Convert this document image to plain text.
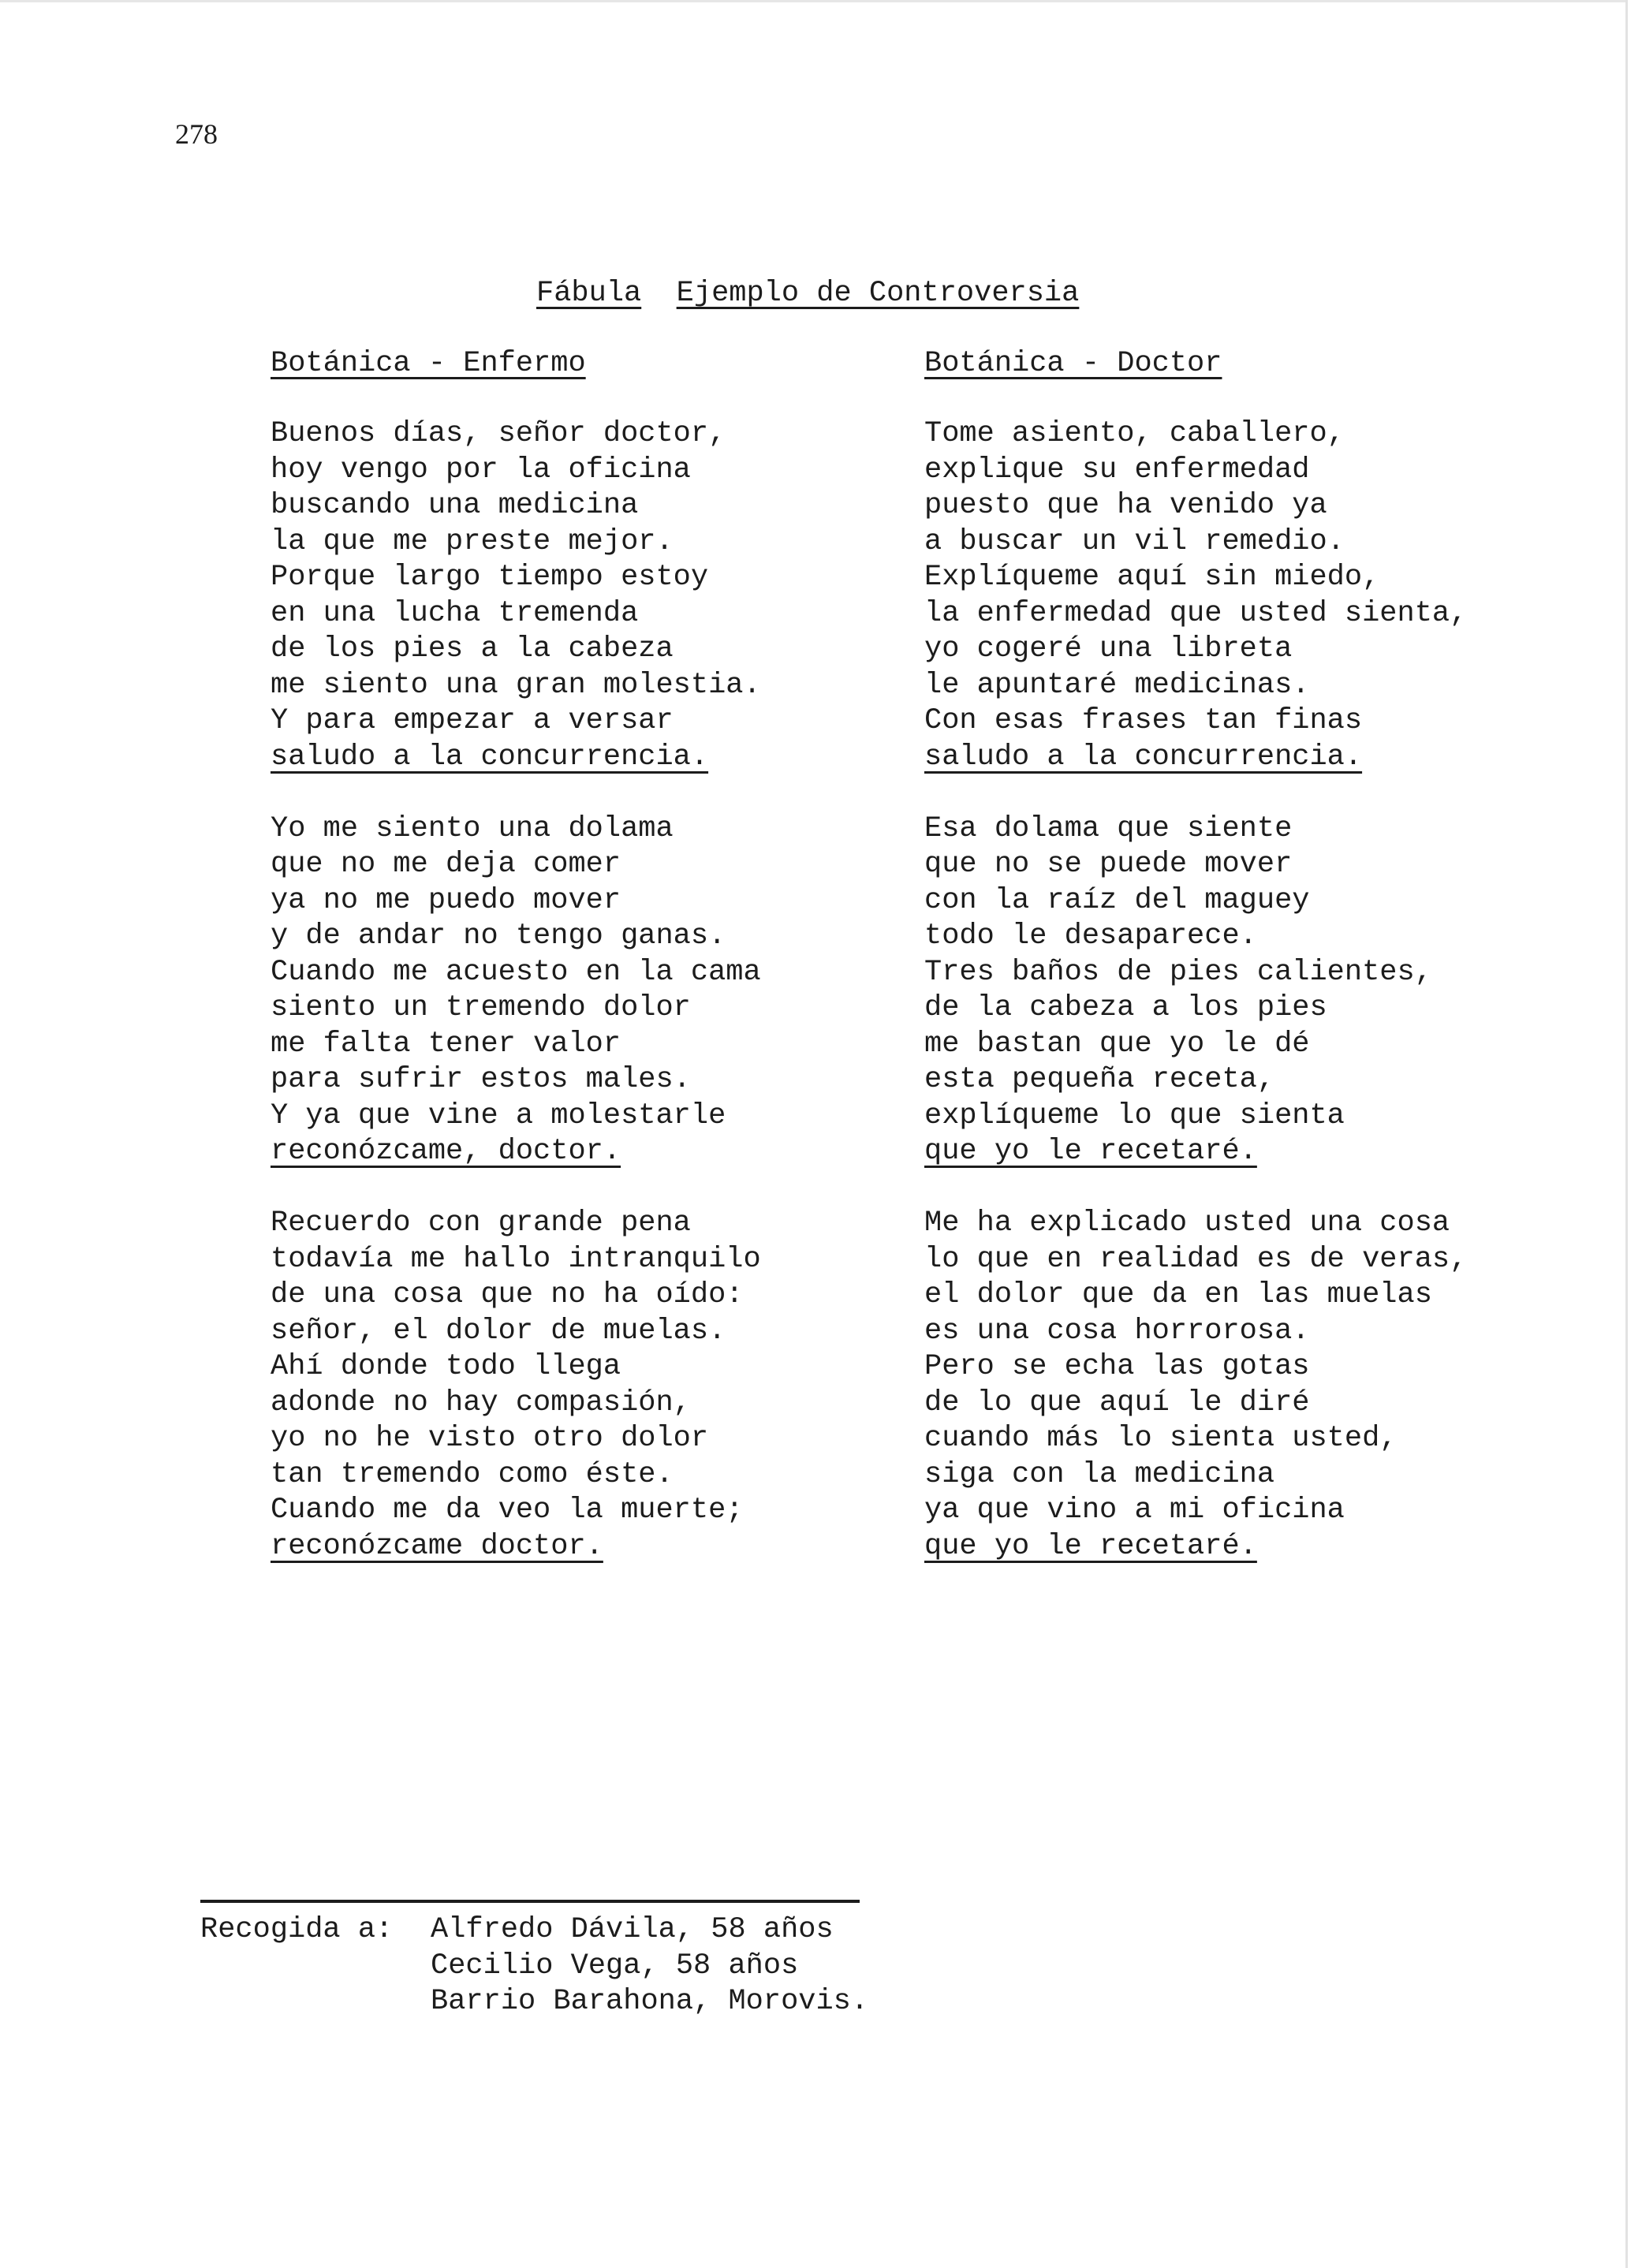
278
Fábula Ejemplo de Controversia
Botánica - Enfermo
Buenos días, señor doctor,
hoy vengo por la oficina
buscando una medicina
la que me preste mejor.
Porque largo tiempo estoy
en una lucha tremenda
de los pies a la cabeza
me siento una gran molestia.
Y para empezar a versar
saludo a la concurrencia.
Yo me siento una dolama
que no me deja comer
ya no me puedo mover
y de andar no tengo ganas.
Cuando me acuesto en la cama
siento un tremendo dolor
me falta tener valor
para sufrir estos males.
Y ya que vine a molestarle
reconózcame, doctor.
Recuerdo con grande pena
todavía me hallo intranquilo
de una cosa que no ha oído:
señor, el dolor de muelas.
Ahí donde todo llega
adonde no hay compasión,
yo no he visto otro dolor
tan tremendo como éste.
Cuando me da veo la muerte;
reconózcame doctor.
Botánica - Doctor
Tome asiento, caballero,
explique su enfermedad
puesto que ha venido ya
a buscar un vil remedio.
Explíqueme aquí sin miedo,
la enfermedad que usted sienta,
yo cogeré una libreta
le apuntaré medicinas.
Con esas frases tan finas
saludo a la concurrencia.
Esa dolama que siente
que no se puede mover
con la raíz del maguey
todo le desaparece.
Tres baños de pies calientes,
de la cabeza a los pies
me bastan que yo le dé
esta pequeña receta,
explíqueme lo que sienta
que yo le recetaré.
Me ha explicado usted una cosa
lo que en realidad es de veras,
el dolor que da en las muelas
es una cosa horrorosa.
Pero se echa las gotas
de lo que aquí le diré
cuando más lo sienta usted,
siga con la medicina
ya que vino a mi oficina
que yo le recetaré.
Recogida a: Alfredo Dávila, 58 años
Cecilio Vega, 58 años
Barrio Barahona, Morovis.
